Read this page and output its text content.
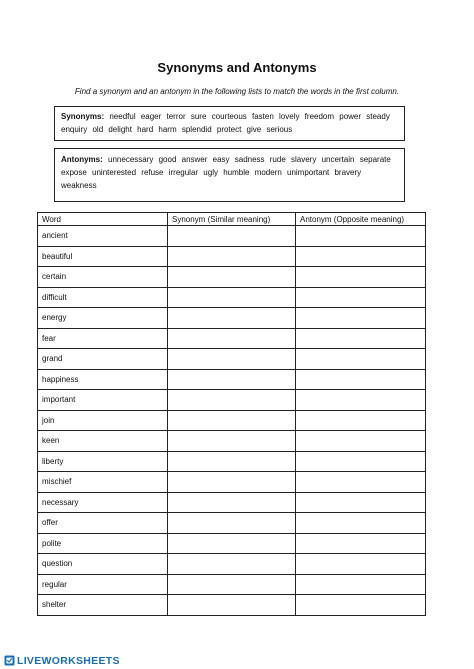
Synonyms and Antonyms
Find a synonym and an antonym in the following lists to match the words in the first column.
Synonyms: needful eager terror sure courteous fasten lovely freedom power steady enquiry old delight hard harm splendid protect give serious
Antonyms: unnecessary good answer easy sadness rude slavery uncertain separate expose uninterested refuse irregular ugly humble modern unimportant bravery weakness
Word	Synonym (Similar meaning)	Antonym (Opposite meaning)
ancient		
beautiful		
certain		
difficult		
energy		
fear		
grand		
happiness		
important		
join		
keen		
liberty		
mischief		
necessary		
offer		
polite		
question		
regular		
shelter		
LIVEWORKSHEETS
